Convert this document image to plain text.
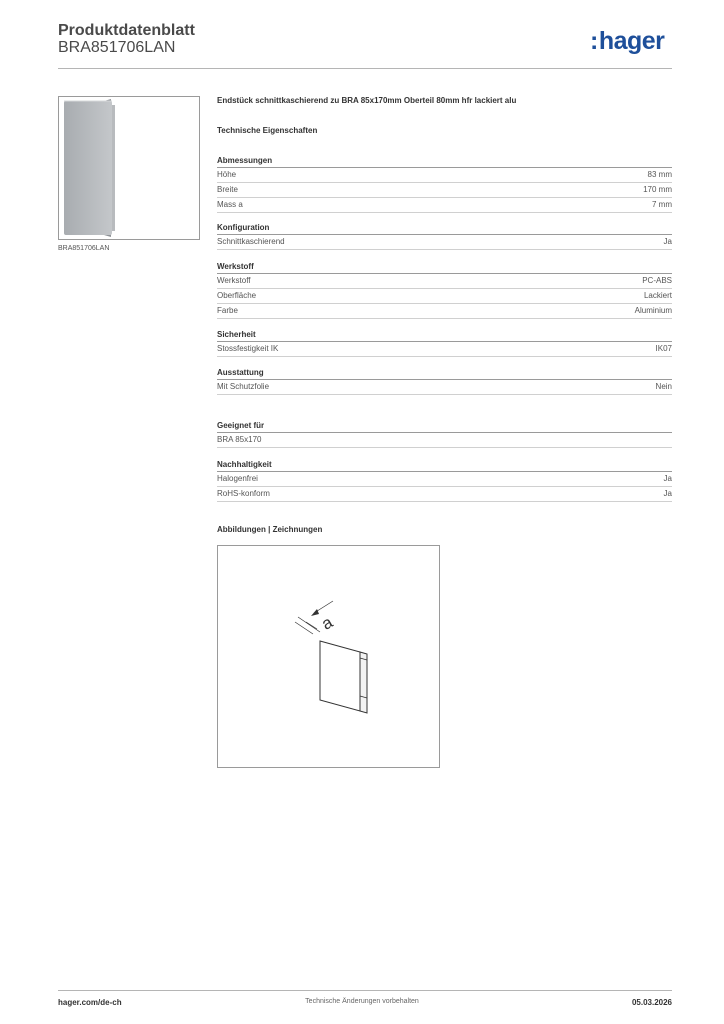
Produktdatenblatt
BRA851706LAN	:hager
BRA851706LAN
Endstück schnittkaschierend zu BRA 85x170mm Oberteil 80mm hfr lackiert alu
Technische Eigenschaften
Abmessungen
Höhe	83 mm
Breite	170 mm
Mass a	7 mm
Konfiguration
Schnittkaschierend	Ja
Werkstoff
Werkstoff	PC-ABS
Oberfläche	Lackiert
Farbe	Aluminium
Sicherheit
Stossfestigkeit IK	IK07
Ausstattung
Mit Schutzfolie	Nein
Geeignet für
BRA 85x170
Nachhaltigkeit
Halogenfrei	Ja
RoHS-konform	Ja
Abbildungen | Zeichnungen
a
hager.com/de-ch	Technische Änderungen vorbehalten	05.03.2026
